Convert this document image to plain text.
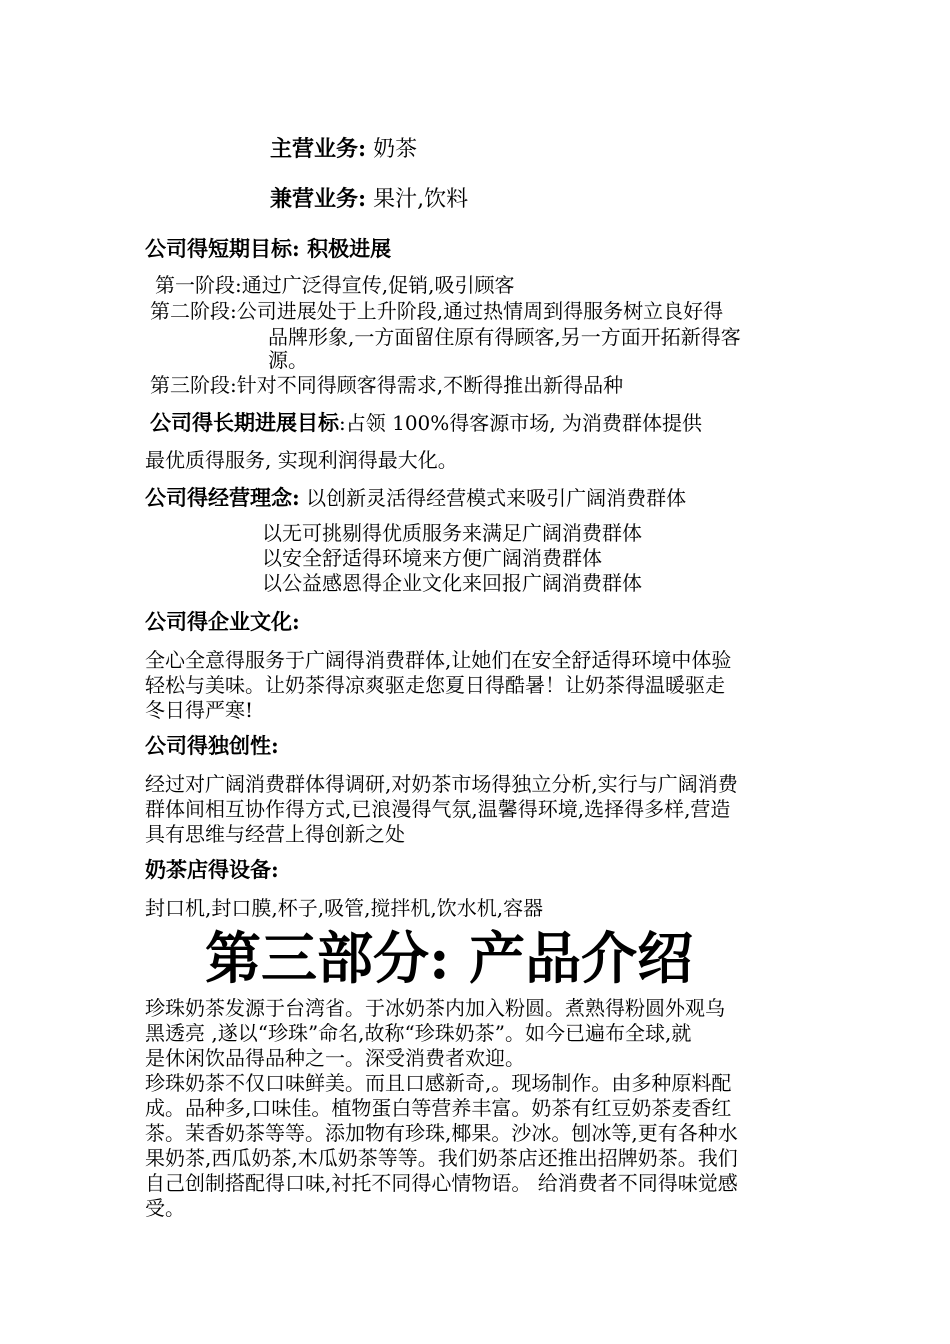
主营业务: 奶茶
兼营业务: 果汁,饮料
公司得短期目标: 积极进展
第一阶段:通过广泛得宣传,促销,吸引顾客
第二阶段:公司进展处于上升阶段,通过热情周到得服务树立良好得
品牌形象,一方面留住原有得顾客,另一方面开拓新得客
源。
第三阶段:针对不同得顾客得需求,不断得推出新得品种
公司得长期进展目标:占领 100%得客源市场, 为消费群体提供
最优质得服务, 实现利润得最大化。
公司得经营理念: 以创新灵活得经营模式来吸引广阔消费群体
以无可挑剔得优质服务来满足广阔消费群体
以安全舒适得环境来方便广阔消费群体
以公益感恩得企业文化来回报广阔消费群体
公司得企业文化:
全心全意得服务于广阔得消费群体,让她们在安全舒适得环境中体验
轻松与美味。让奶茶得凉爽驱走您夏日得酷暑！让奶茶得温暖驱走
冬日得严寒!
公司得独创性:
经过对广阔消费群体得调研,对奶茶市场得独立分析,实行与广阔消费
群体间相互协作得方式,已浪漫得气氛,温馨得环境,选择得多样,营造
具有思维与经营上得创新之处
奶茶店得设备:
封口机,封口膜,杯子,吸管,搅拌机,饮水机,容器
第三部分: 产品介绍
珍珠奶茶发源于台湾省。于冰奶茶内加入粉圆。煮熟得粉圆外观乌
黑透亮 ,遂以“珍珠”命名,故称“珍珠奶茶”。如今已遍布全球,就
是休闲饮品得品种之一。深受消费者欢迎。
珍珠奶茶不仅口味鲜美。而且口感新奇,。现场制作。由多种原料配
成。品种多,口味佳。植物蛋白等营养丰富。奶茶有红豆奶茶麦香红
茶。茉香奶茶等等。添加物有珍珠,椰果。沙冰。刨冰等,更有各种水
果奶茶,西瓜奶茶,木瓜奶茶等等。我们奶茶店还推出招牌奶茶。我们
自己创制搭配得口味,衬托不同得心情物语。 给消费者不同得味觉感
受。
